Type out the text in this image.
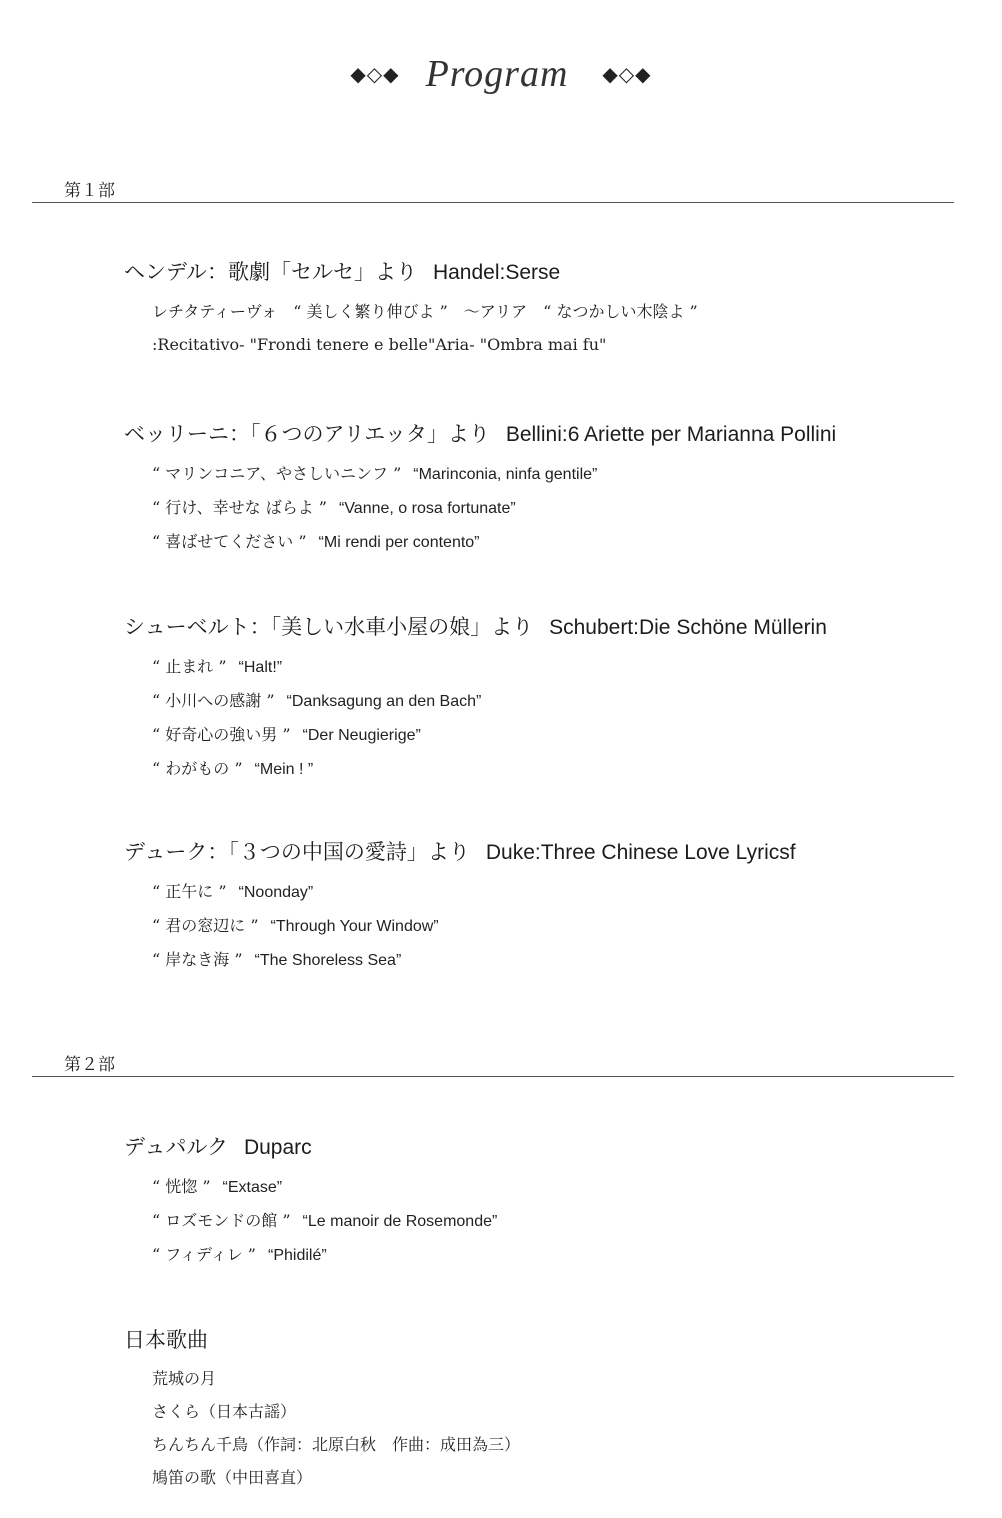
◆◇◆ Program ◆◇◆
第１部
ヘンデル：歌劇「セルセ」より Handel:Serse
レチタティーヴォ　“ 美しく繁り伸びよ ”　〜アリア　“ なつかしい木陰よ ”
:Recitativo- "Frondi tenere e belle"Aria- "Ombra mai fu"
ベッリーニ：「６つのアリエッタ」より Bellini:6 Ariette per Marianna Pollini
“ マリンコニア、やさしいニンフ ” “Marinconia, ninfa gentile”
“ 行け、幸せな ばらよ ” “Vanne, o rosa fortunate”
“ 喜ばせてください ” “Mi rendi per contento”
シューベルト：「美しい水車小屋の娘」より Schubert:Die Schöne Müllerin
“ 止まれ ” “Halt!”
“ 小川への感謝 ” “Danksagung an den Bach”
“ 好奇心の強い男 ” “Der Neugierige”
“ わがもの ” “Mein ! ”
デューク：「３つの中国の愛詩」より Duke:Three Chinese Love Lyricsf
“ 正午に ” “Noonday”
“ 君の窓辺に ” “Through Your Window”
“ 岸なき海 ” “The Shoreless Sea”
第２部
デュパルク Duparc
“ 恍惚 ” “Extase”
“ ロズモンドの館 ” “Le manoir de Rosemonde”
“ フィディレ ” “Phidilé”
日本歌曲
荒城の月
さくら（日本古謡）
ちんちん千鳥（作詞：北原白秋　作曲：成田為三）
鳩笛の歌（中田喜直）
